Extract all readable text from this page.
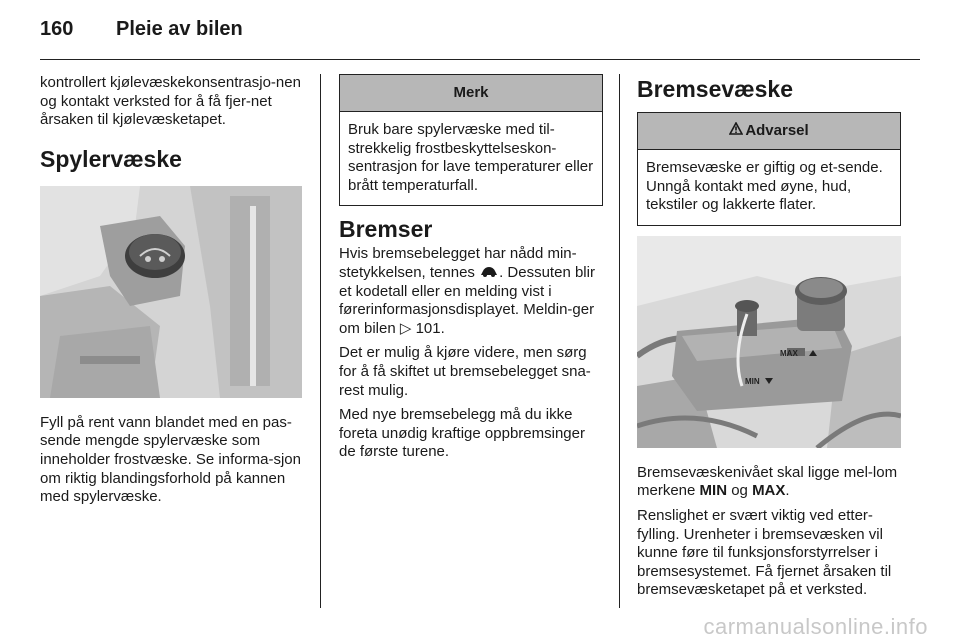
160	Pleie av bilen

kontrollert kjølevæskekonsentrasjo-nen og kontakt verksted for å få fjer-net årsaken til kjølevæsketapet.

Spylervæske

Fyll på rent vann blandet med en pas-sende mengde spylervæske som inneholder frostvæske. Se informa-sjon om riktig blandingsforhold på kannen med spylervæske.

Merk
Bruk bare spylervæske med til-strekkelig frostbeskyttelseskon-sentrasjon for lave temperaturer eller brått temperaturfall.
Bremser

Hvis bremsebelegget har nådd min-stetykkelsen, tennes . Dessuten blir et kodetall eller en melding vist i førerinformasjonsdisplayet. Meldin-ger om bilen ▷ 101.

Det er mulig å kjøre videre, men sørg for å få skiftet ut bremsebelegget sna-rest mulig.

Med nye bremsebelegg må du ikke foreta unødig kraftige oppbremsinger de første turene.

Bremsevæske
Advarsel
Bremsevæske er giftig og et-sende. Unngå kontakt med øyne, hud, tekstiler og lakkerte flater.
MAX
MIN

Bremsevæskenivået skal ligge mel-lom merkene MIN og MAX.

Renslighet er svært viktig ved etter-fylling. Urenheter i bremsevæsken vil kunne føre til funksjonsforstyrrelser i bremsesystemet. Få fjernet årsaken til bremsevæsketapet på et verksted.

carmanualsonline.info
